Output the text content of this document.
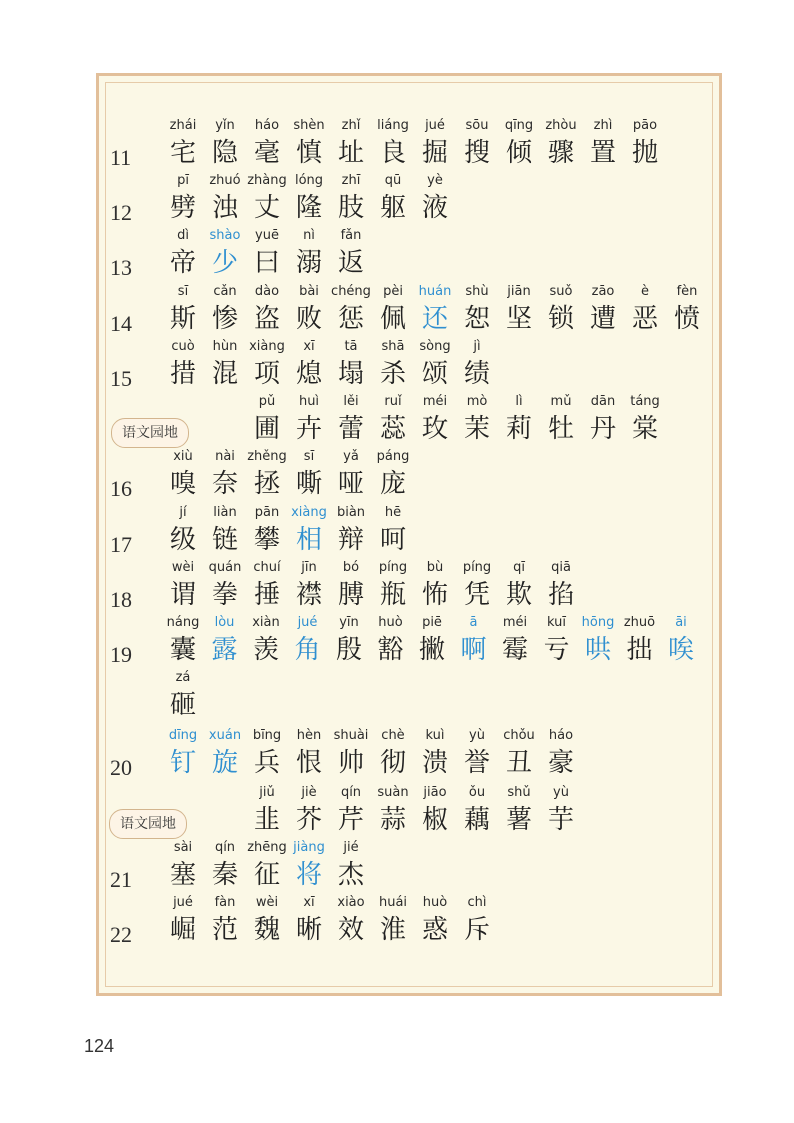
11
zhái
宅
yǐn
隐
háo
毫
shèn
慎
zhǐ
址
liáng
良
jué
掘
sōu
搜
qīng
倾
zhòu
骤
zhì
置
pāo
抛
12
pī
劈
zhuó
浊
zhàng
丈
lóng
隆
zhī
肢
qū
躯
yè
液
13
dì
帝
shào
少
yuē
曰
nì
溺
fǎn
返
14
sī
斯
cǎn
惨
dào
盗
bài
败
chéng
惩
pèi
佩
huán
还
shù
恕
jiān
坚
suǒ
锁
zāo
遭
è
恶
fèn
愤
15
cuò
措
hùn
混
xiàng
项
xī
熄
tā
塌
shā
杀
sòng
颂
jì
绩
语文园地
pǔ
圃
huì
卉
lěi
蕾
ruǐ
蕊
méi
玫
mò
茉
lì
莉
mǔ
牡
dān
丹
táng
棠
16
xiù
嗅
nài
奈
zhěng
拯
sī
嘶
yǎ
哑
páng
庞
17
jí
级
liàn
链
pān
攀
xiàng
相
biàn
辩
hē
呵
18
wèi
谓
quán
拳
chuí
捶
jīn
襟
bó
膊
píng
瓶
bù
怖
píng
凭
qī
欺
qiā
掐
19
náng
囊
lòu
露
xiàn
羡
jué
角
yīn
殷
huò
豁
piē
撇
ā
啊
méi
霉
kuī
亏
hōng
哄
zhuō
拙
āi
唉
zá
砸
20
dīng
钉
xuán
旋
bīng
兵
hèn
恨
shuài
帅
chè
彻
kuì
溃
yù
誉
chǒu
丑
háo
豪
语文园地
jiǔ
韭
jiè
芥
qín
芹
suàn
蒜
jiāo
椒
ǒu
藕
shǔ
薯
yù
芋
21
sài
塞
qín
秦
zhēng
征
jiàng
将
jié
杰
22
jué
崛
fàn
范
wèi
魏
xī
晰
xiào
效
huái
淮
huò
惑
chì
斥
124
